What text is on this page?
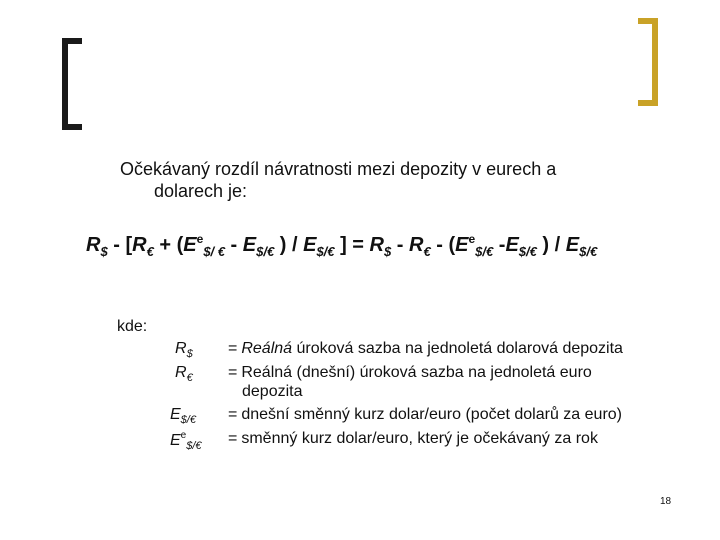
Očekávaný rozdíl návratnosti mezi depozity v eurech a
dolarech je:
$R_{\$} - [R_€ + (E^e_{\$/ €} - E_{\$/€}$ ) / $E_{\$/€}$ ] = $R_{\$} - R_€ - (E^e_{\$/€}$ $-E_{\$/€}$ ) / $E_{\$/€}$
kde:
$R_{\$}$
$R_€$
$E_{\$/€}$
$E^e_{\$/€}$
= Reálná úroková sazba na jednoletá dolarová depozita
= Reálná (dnešní) úroková sazba na jednoletá euro
depozita
= dnešní směnný kurz dolar/euro (počet dolarů za euro)
= směnný kurz dolar/euro, který je očekávaný za rok
18
